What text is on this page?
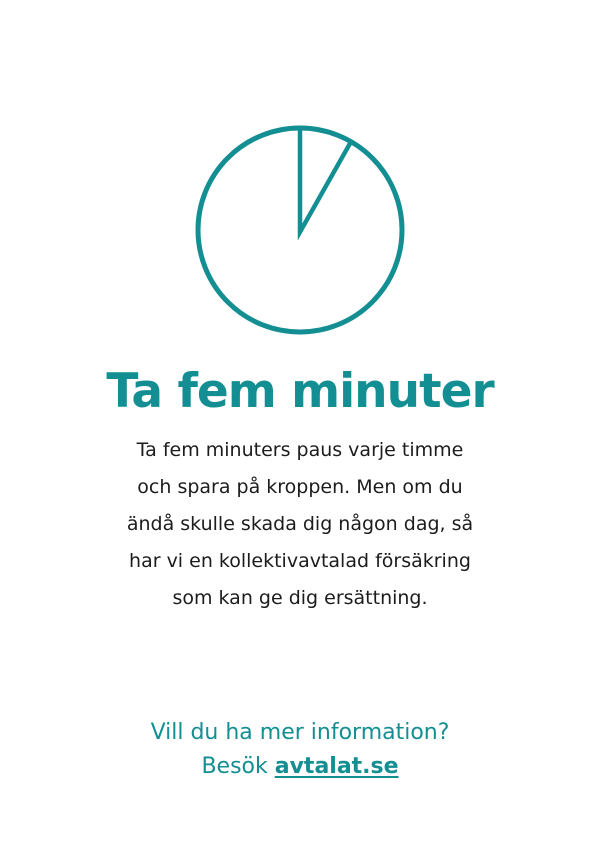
Ta fem minuter
Ta fem minuters paus varje timme
och spara på kroppen. Men om du
ändå skulle skada dig någon dag, så
har vi en kollektivavtalad försäkring
som kan ge dig ersättning.
Vill du ha mer information?
Besök avtalat.se
